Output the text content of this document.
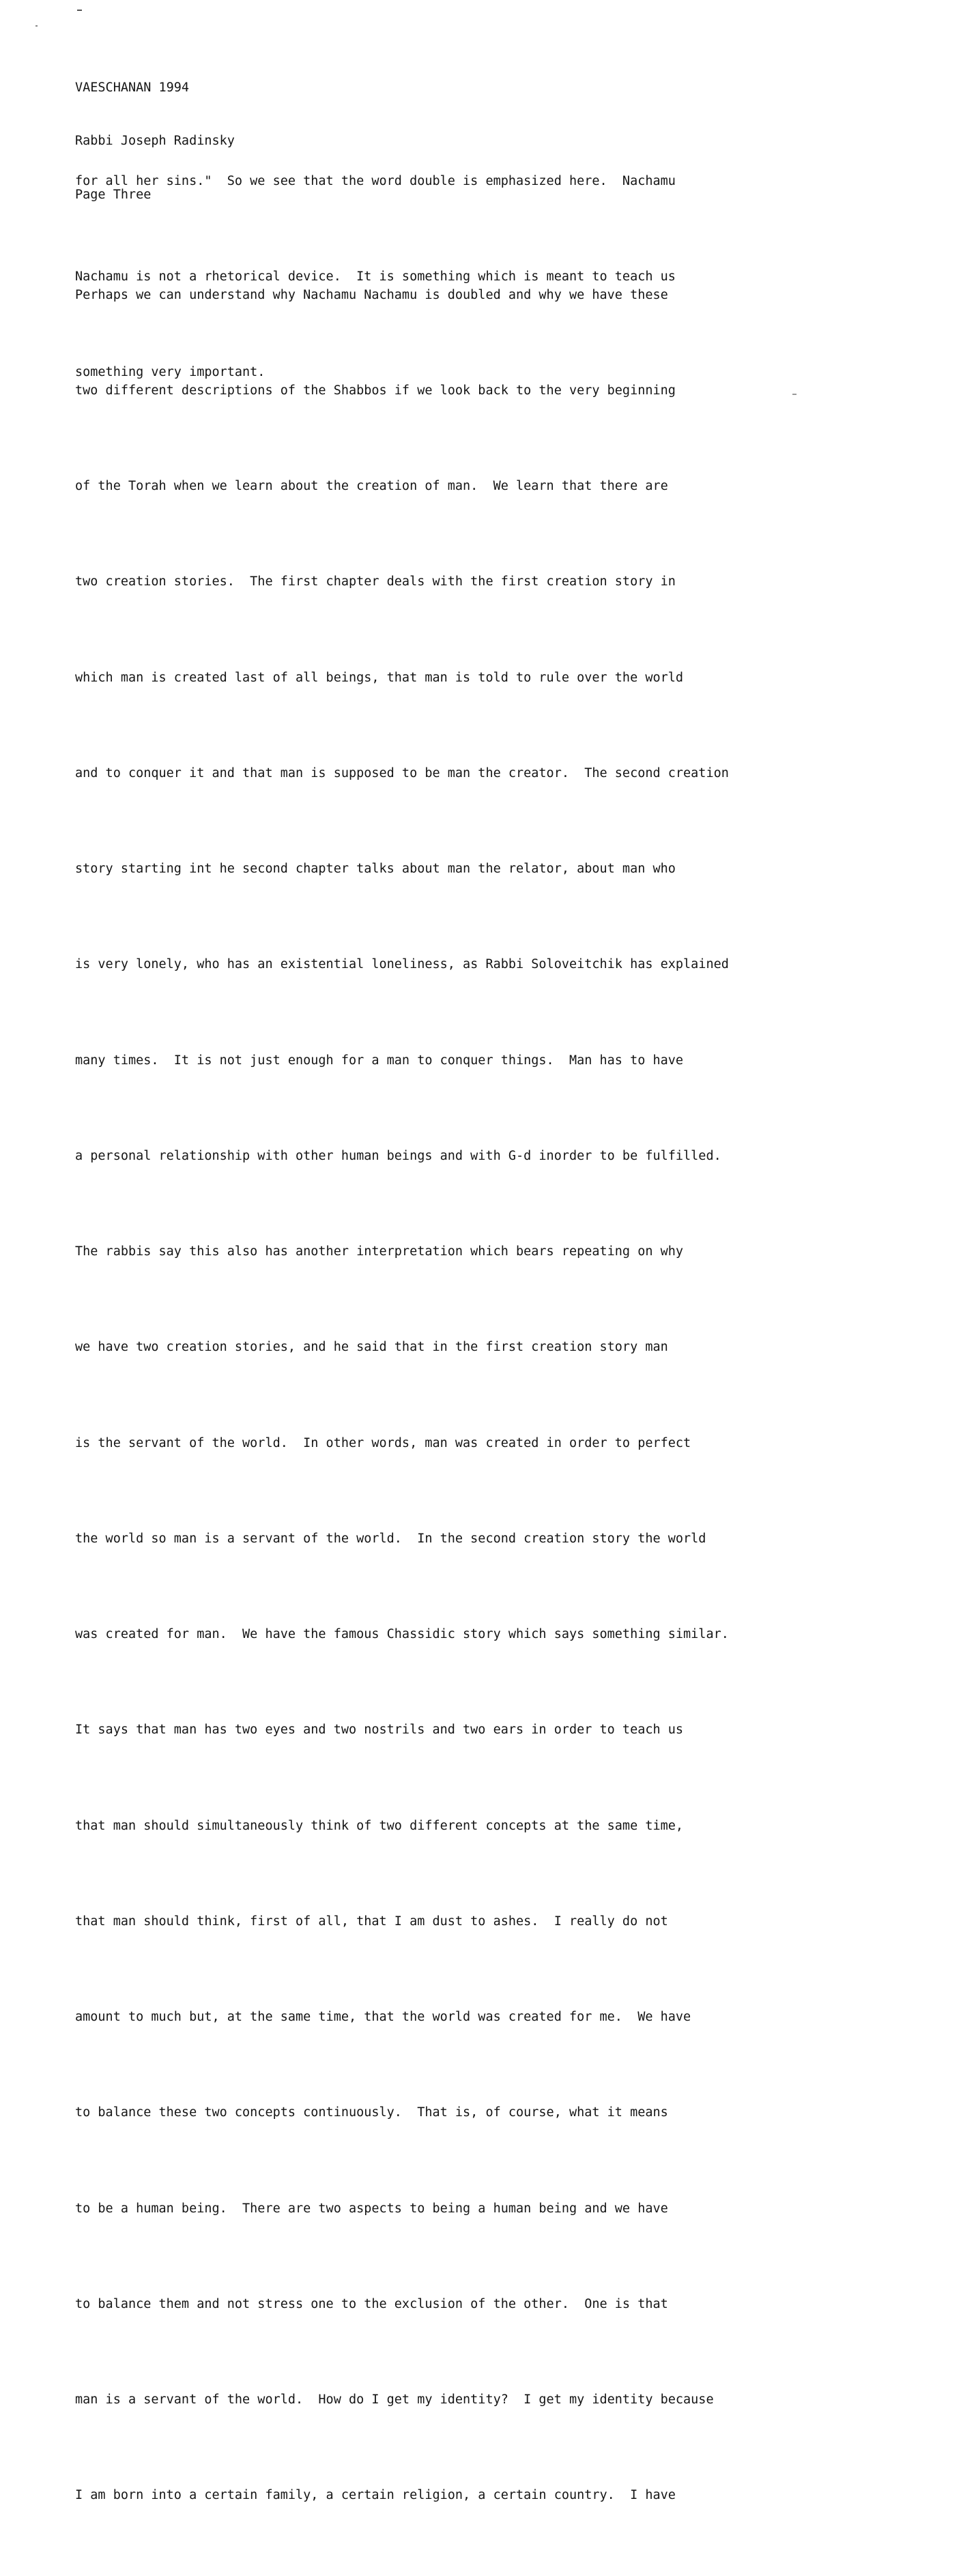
VAESCHANAN 1994

Rabbi Joseph Radinsky

Page Three

for all her sins."  So we see that the word double is emphasized here.  Nachamu

Nachamu is not a rhetorical device.  It is something which is meant to teach us

something very important.

Perhaps we can understand why Nachamu Nachamu is doubled and why we have these

two different descriptions of the Shabbos if we look back to the very beginning

of the Torah when we learn about the creation of man.  We learn that there are

two creation stories.  The first chapter deals with the first creation story in

which man is created last of all beings, that man is told to rule over the world

and to conquer it and that man is supposed to be man the creator.  The second creation

story starting int he second chapter talks about man the relator, about man who

is very lonely, who has an existential loneliness, as Rabbi Soloveitchik has explained

many times.  It is not just enough for a man to conquer things.  Man has to have

a personal relationship with other human beings and with G-d inorder to be fulfilled.

The rabbis say this also has another interpretation which bears repeating on why

we have two creation stories, and he said that in the first creation story man

is the servant of the world.  In other words, man was created in order to perfect

the world so man is a servant of the world.  In the second creation story the world

was created for man.  We have the famous Chassidic story which says something similar.

It says that man has two eyes and two nostrils and two ears in order to teach us

that man should simultaneously think of two different concepts at the same time,

that man should think, first of all, that I am dust to ashes.  I really do not

amount to much but, at the same time, that the world was created for me.  We have

to balance these two concepts continuously.  That is, of course, what it means

to be a human being.  There are two aspects to being a human being and we have

to balance them and not stress one to the exclusion of the other.  One is that

man is a servant of the world.  How do I get my identity?  I get my identity because

I am born into a certain family, a certain religion, a certain country.  I have
